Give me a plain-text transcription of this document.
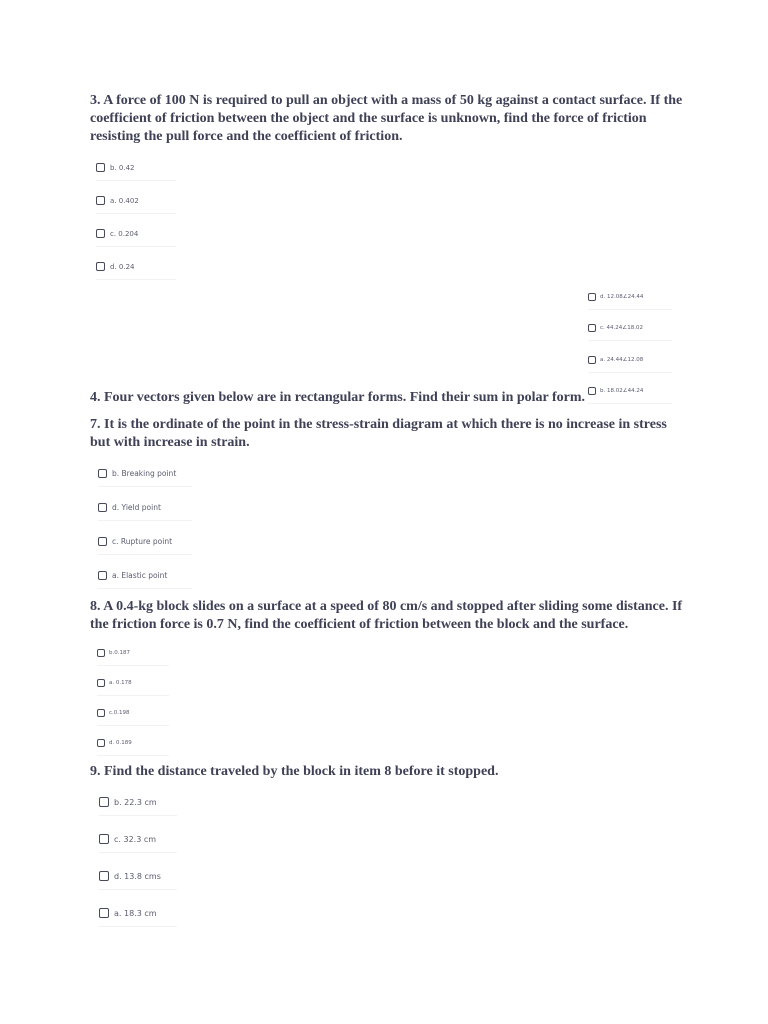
3. A force of 100 N is required to pull an object with a mass of 50 kg against a contact surface. If the coefficient of friction between the object and the surface is unknown, find the force of friction resisting the pull force and the coefficient of friction.

b. 0.42
a. 0.402
c. 0.204
d. 0.24
d. 12.08∠24.44
c. 44.24∠18.02
a. 24.44∠12.08
b. 18.02∠44.24

4. Four vectors given below are in rectangular forms. Find their sum in polar form.

7. It is the ordinate of the point in the stress-strain diagram at which there is no increase in stress but with increase in strain.

b. Breaking point
d. Yield point
c. Rupture point
a. Elastic point

8. A 0.4-kg block slides on a surface at a speed of 80 cm/s and stopped after sliding some distance. If the friction force is 0.7 N, find the coefficient of friction between the block and the surface.

b.0.187
a. 0.178
c.0.198
d. 0.189

9. Find the distance traveled by the block in item 8 before it stopped.

b. 22.3 cm
c. 32.3 cm
d. 13.8 cms
a. 18.3 cm
